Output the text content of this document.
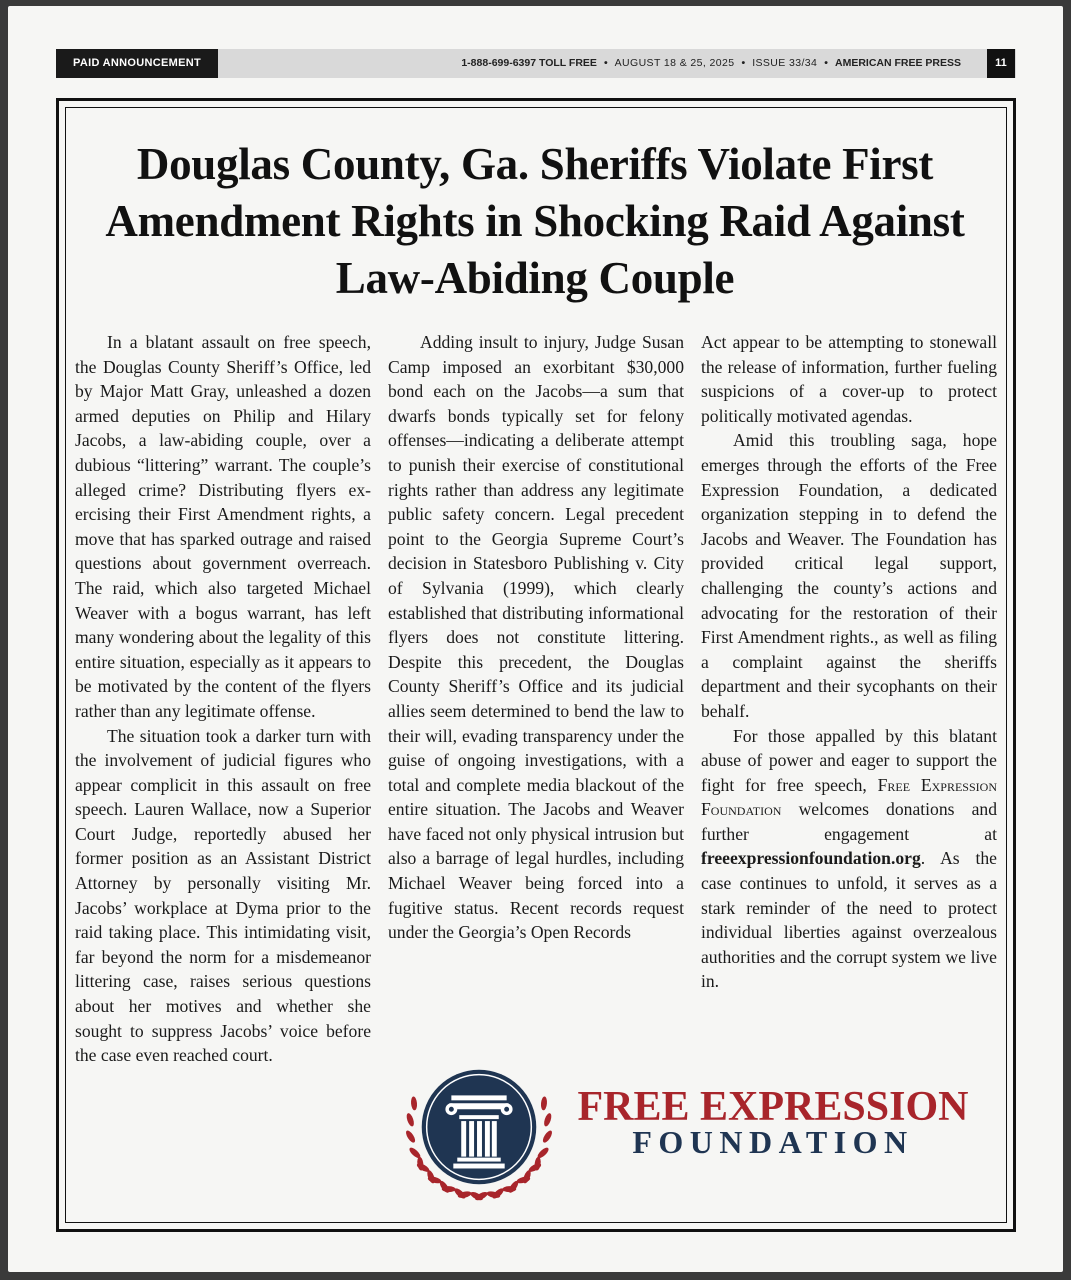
PAID ANNOUNCEMENT	1-888-699-6397 TOLL FREE • AUGUST 18 & 25, 2025 • ISSUE 33/34 • AMERICAN FREE PRESS	11
Douglas County, Ga. Sheriffs Violate First Amendment Rights in Shocking Raid Against Law-Abiding Couple

In a blatant assault on free speech, the Douglas County Sheriff’s Office, led by Major Matt Gray, unleashed a dozen armed deputies on Philip and Hilary Jacobs, a law-abiding couple, over a dubious “littering” warrant. The couple’s alleged crime? Distributing flyers exercising their First Amendment rights, a move that has sparked outrage and raised questions about government overreach. The raid, which also targeted Michael Weaver with a bogus warrant, has left many wondering about the legality of this entire situation, especially as it appears to be motivated by the content of the flyers rather than any legitimate offense.

The situation took a darker turn with the involvement of judicial figures who appear complicit in this assault on free speech. Lauren Wallace, now a Superior Court Judge, reportedly abused her former position as an Assistant District Attorney by personally visiting Mr. Jacobs’ workplace at Dyma prior to the raid taking place. This intimidating visit, far beyond the norm for a misdemeanor littering case, raises serious questions about her motives and whether she sought to suppress Jacobs’ voice before the case even reached court.

Adding insult to injury, Judge Susan Camp imposed an exorbitant $30,000 bond each on the Jacobs—a sum that dwarfs bonds typically set for felony offenses—indicating a deliberate attempt to punish their exercise of constitutional rights rather than address any legitimate public safety concern. Legal precedent point to the Georgia Supreme Court’s decision in Statesboro Publishing v. City of Sylvania (1999), which clearly established that distributing informational flyers does not constitute littering. Despite this precedent, the Douglas County Sheriff’s Office and its judicial allies seem determined to bend the law to their will, evading transparency under the guise of ongoing investigations, with a total and complete media blackout of the entire situation. The Jacobs and Weaver have faced not only physical intrusion but also a barrage of legal hurdles, including Michael Weaver being forced into a fugitive status. Recent records request under the Georgia’s Open Records

Act appear to be attempting to stonewall the release of information, further fueling suspicions of a cover-up to protect politically motivated agendas.

Amid this troubling saga, hope emerges through the efforts of the Free Expression Foundation, a dedicated organization stepping in to defend the Jacobs and Weaver. The Foundation has provided critical legal support, challenging the county’s actions and advocating for the restoration of their First Amendment rights., as well as filing a complaint against the sheriffs department and their sycophants on their behalf.

For those appalled by this blatant abuse of power and eager to support the fight for free speech, Free Expression Foundation welcomes donations and further engagement at freeexpressionfoundation.org. As the case continues to unfold, it serves as a stark reminder of the need to protect individual liberties against overzealous authorities and the corrupt system we live in.

FREE EXPRESSION
FOUNDATION
